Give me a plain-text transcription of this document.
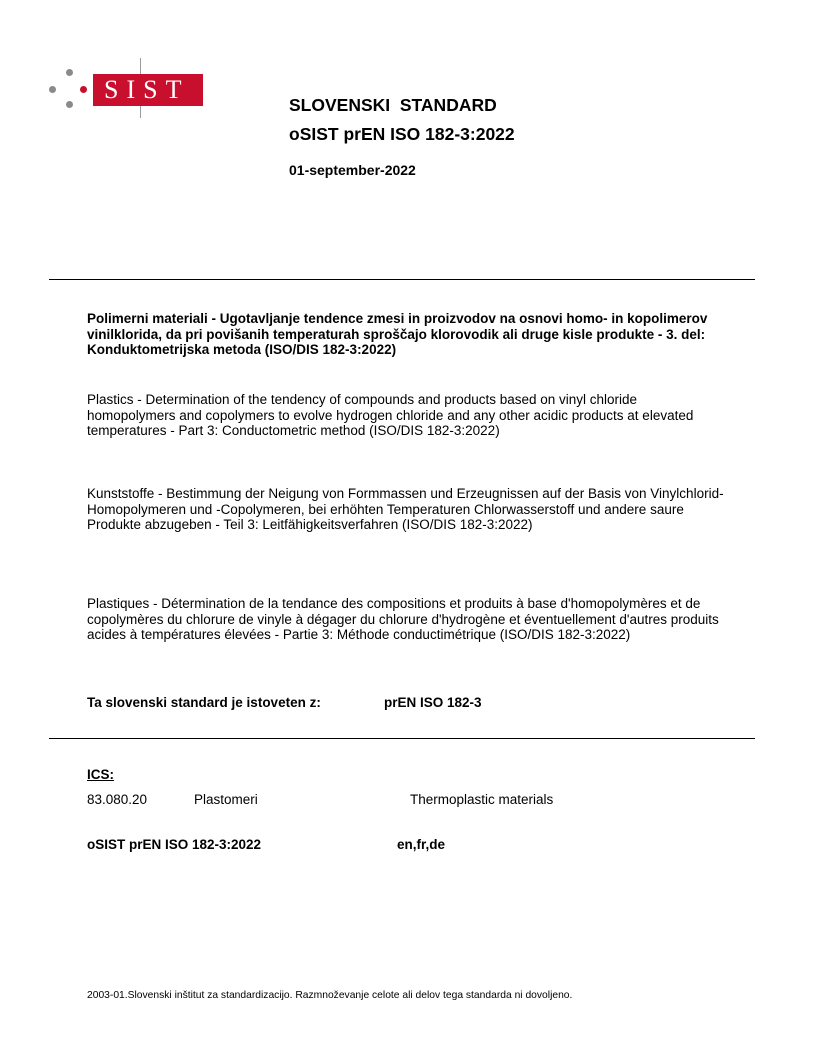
SIST
SLOVENSKI  STANDARD
oSIST prEN ISO 182-3:2022
01-september-2022
Polimerni materiali - Ugotavljanje tendence zmesi in proizvodov na osnovi homo- in kopolimerov vinilklorida, da pri povišanih temperaturah sproščajo klorovodik ali druge kisle produkte - 3. del: Konduktometrijska metoda (ISO/DIS 182-3:2022)
Plastics - Determination of the tendency of compounds and products based on vinyl chloride homopolymers and copolymers to evolve hydrogen chloride and any other acidic products at elevated temperatures - Part 3: Conductometric method (ISO/DIS 182-3:2022)
Kunststoffe - Bestimmung der Neigung von Formmassen und Erzeugnissen auf der Basis von Vinylchlorid-Homopolymeren und -Copolymeren, bei erhöhten Temperaturen Chlorwasserstoff und andere saure Produkte abzugeben - Teil 3: Leitfähigkeitsverfahren (ISO/DIS 182-3:2022)
Plastiques - Détermination de la tendance des compositions et produits à base d'homopolymères et de copolymères du chlorure de vinyle à dégager du chlorure d'hydrogène et éventuellement d'autres produits acides à températures élevées - Partie 3: Méthode conductimétrique (ISO/DIS 182-3:2022)
Ta slovenski standard je istoveten z:	prEN ISO 182-3
ICS:
83.080.20	Plastomeri	Thermoplastic materials
oSIST prEN ISO 182-3:2022	en,fr,de
2003-01.Slovenski inštitut za standardizacijo. Razmnoževanje celote ali delov tega standarda ni dovoljeno.
